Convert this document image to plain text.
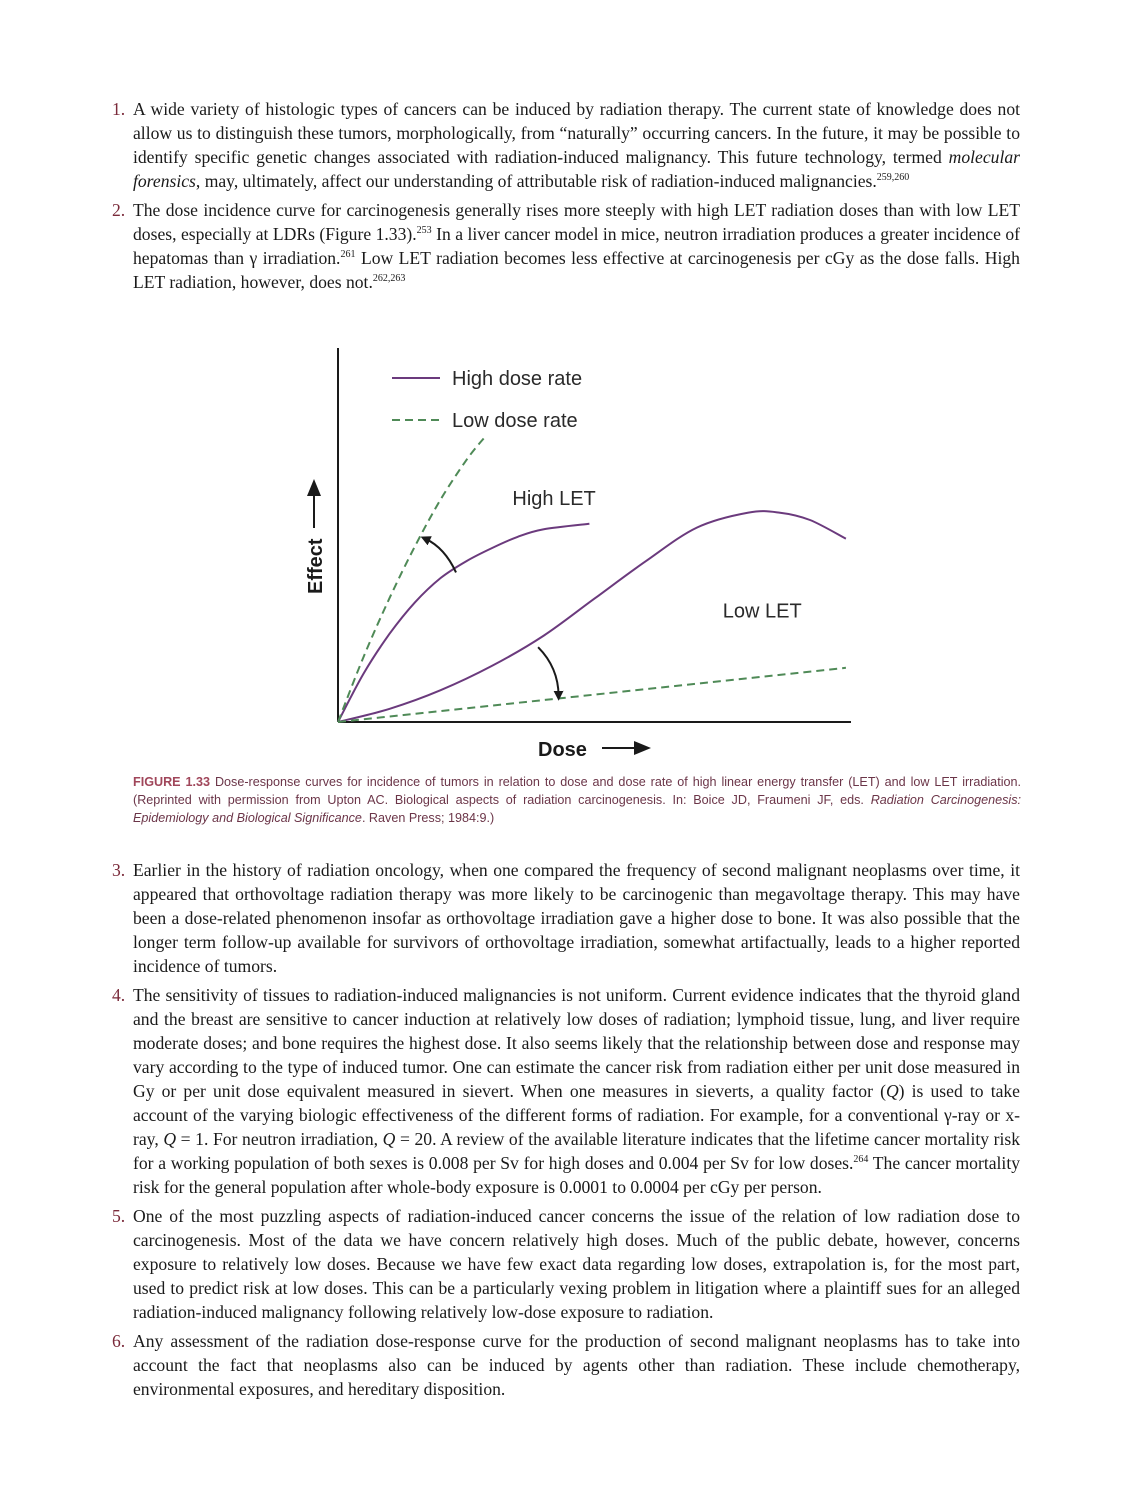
1. A wide variety of histologic types of cancers can be induced by radiation therapy. The current state of knowledge does not allow us to distinguish these tumors, morphologically, from “naturally” occurring cancers. In the future, it may be possible to identify specific genetic changes associated with radiation-induced malignancy. This future technology, termed molecular forensics, may, ultimately, affect our understanding of attributable risk of radiation-induced malignancies.$^{259,260}$

2. The dose incidence curve for carcinogenesis generally rises more steeply with high LET radiation doses than with low LET doses, especially at LDRs (Figure 1.33).$^{253}$ In a liver cancer model in mice, neutron irradiation produces a greater incidence of hepatomas than γ irradiation.$^{261}$ Low LET radiation becomes less effective at carcinogenesis per cGy as the dose falls. High LET radiation, however, does not.$^{262,263}$

High dose rate
Low dose rate
High LET
Low LET
Dose
Effect
FIGURE 1.33 Dose-response curves for incidence of tumors in relation to dose and dose rate of high linear energy transfer (LET) and low LET irradiation. (Reprinted with permission from Upton AC. Biological aspects of radiation carcinogenesis. In: Boice JD, Fraumeni JF, eds. Radiation Carcinogenesis: Epidemiology and Biological Significance. Raven Press; 1984:9.)

3. Earlier in the history of radiation oncology, when one compared the frequency of second malignant neoplasms over time, it appeared that orthovoltage radiation therapy was more likely to be carcinogenic than megavoltage therapy. This may have been a dose-related phenomenon insofar as orthovoltage irradiation gave a higher dose to bone. It was also possible that the longer term follow-up available for survivors of orthovoltage irradiation, somewhat artifactually, leads to a higher reported incidence of tumors.

4. The sensitivity of tissues to radiation-induced malignancies is not uniform. Current evidence indicates that the thyroid gland and the breast are sensitive to cancer induction at relatively low doses of radiation; lymphoid tissue, lung, and liver require moderate doses; and bone requires the highest dose. It also seems likely that the relationship between dose and response may vary according to the type of induced tumor. One can estimate the cancer risk from radiation either per unit dose measured in Gy or per unit dose equivalent measured in sievert. When one measures in sieverts, a quality factor (Q) is used to take account of the varying biologic effectiveness of the different forms of radiation. For example, for a conventional γ-ray or x-ray, Q = 1. For neutron irradiation, Q = 20. A review of the available literature indicates that the lifetime cancer mortality risk for a working population of both sexes is 0.008 per Sv for high doses and 0.004 per Sv for low doses.$^{264}$ The cancer mortality risk for the general population after whole-body exposure is 0.0001 to 0.0004 per cGy per person.

5. One of the most puzzling aspects of radiation-induced cancer concerns the issue of the relation of low radiation dose to carcinogenesis. Most of the data we have concern relatively high doses. Much of the public debate, however, concerns exposure to relatively low doses. Because we have few exact data regarding low doses, extrapolation is, for the most part, used to predict risk at low doses. This can be a particularly vexing problem in litigation where a plaintiff sues for an alleged radiation-induced malignancy following relatively low-dose exposure to radiation.

6. Any assessment of the radiation dose-response curve for the production of second malignant neoplasms has to take into account the fact that neoplasms also can be induced by agents other than radiation. These include chemotherapy, environmental exposures, and hereditary disposition.
